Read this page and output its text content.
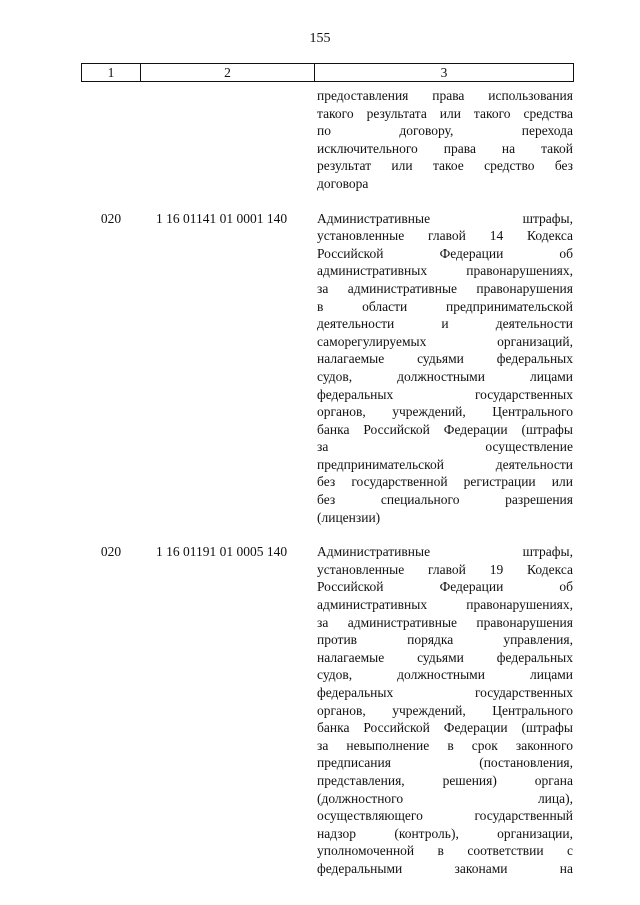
155
1	2	3
предоставления права использования
такого результата или такого средства
по договору, перехода
исключительного права на такой
результат или такое средство без
договора
020	1 16 01141 01 0001 140	Административные штрафы,
установленные главой 14 Кодекса
Российской Федерации об
административных правонарушениях,
за административные правонарушения
в области предпринимательской
деятельности и деятельности
саморегулируемых организаций,
налагаемые судьями федеральных
судов, должностными лицами
федеральных государственных
органов, учреждений, Центрального
банка Российской Федерации (штрафы
за осуществление
предпринимательской деятельности
без государственной регистрации или
без специального разрешения
(лицензии)
020	1 16 01191 01 0005 140	Административные штрафы,
установленные главой 19 Кодекса
Российской Федерации об
административных правонарушениях,
за административные правонарушения
против порядка управления,
налагаемые судьями федеральных
судов, должностными лицами
федеральных государственных
органов, учреждений, Центрального
банка Российской Федерации (штрафы
за невыполнение в срок законного
предписания (постановления,
представления, решения) органа
(должностного лица),
осуществляющего государственный
надзор (контроль), организации,
уполномоченной в соответствии с
федеральными законами на
